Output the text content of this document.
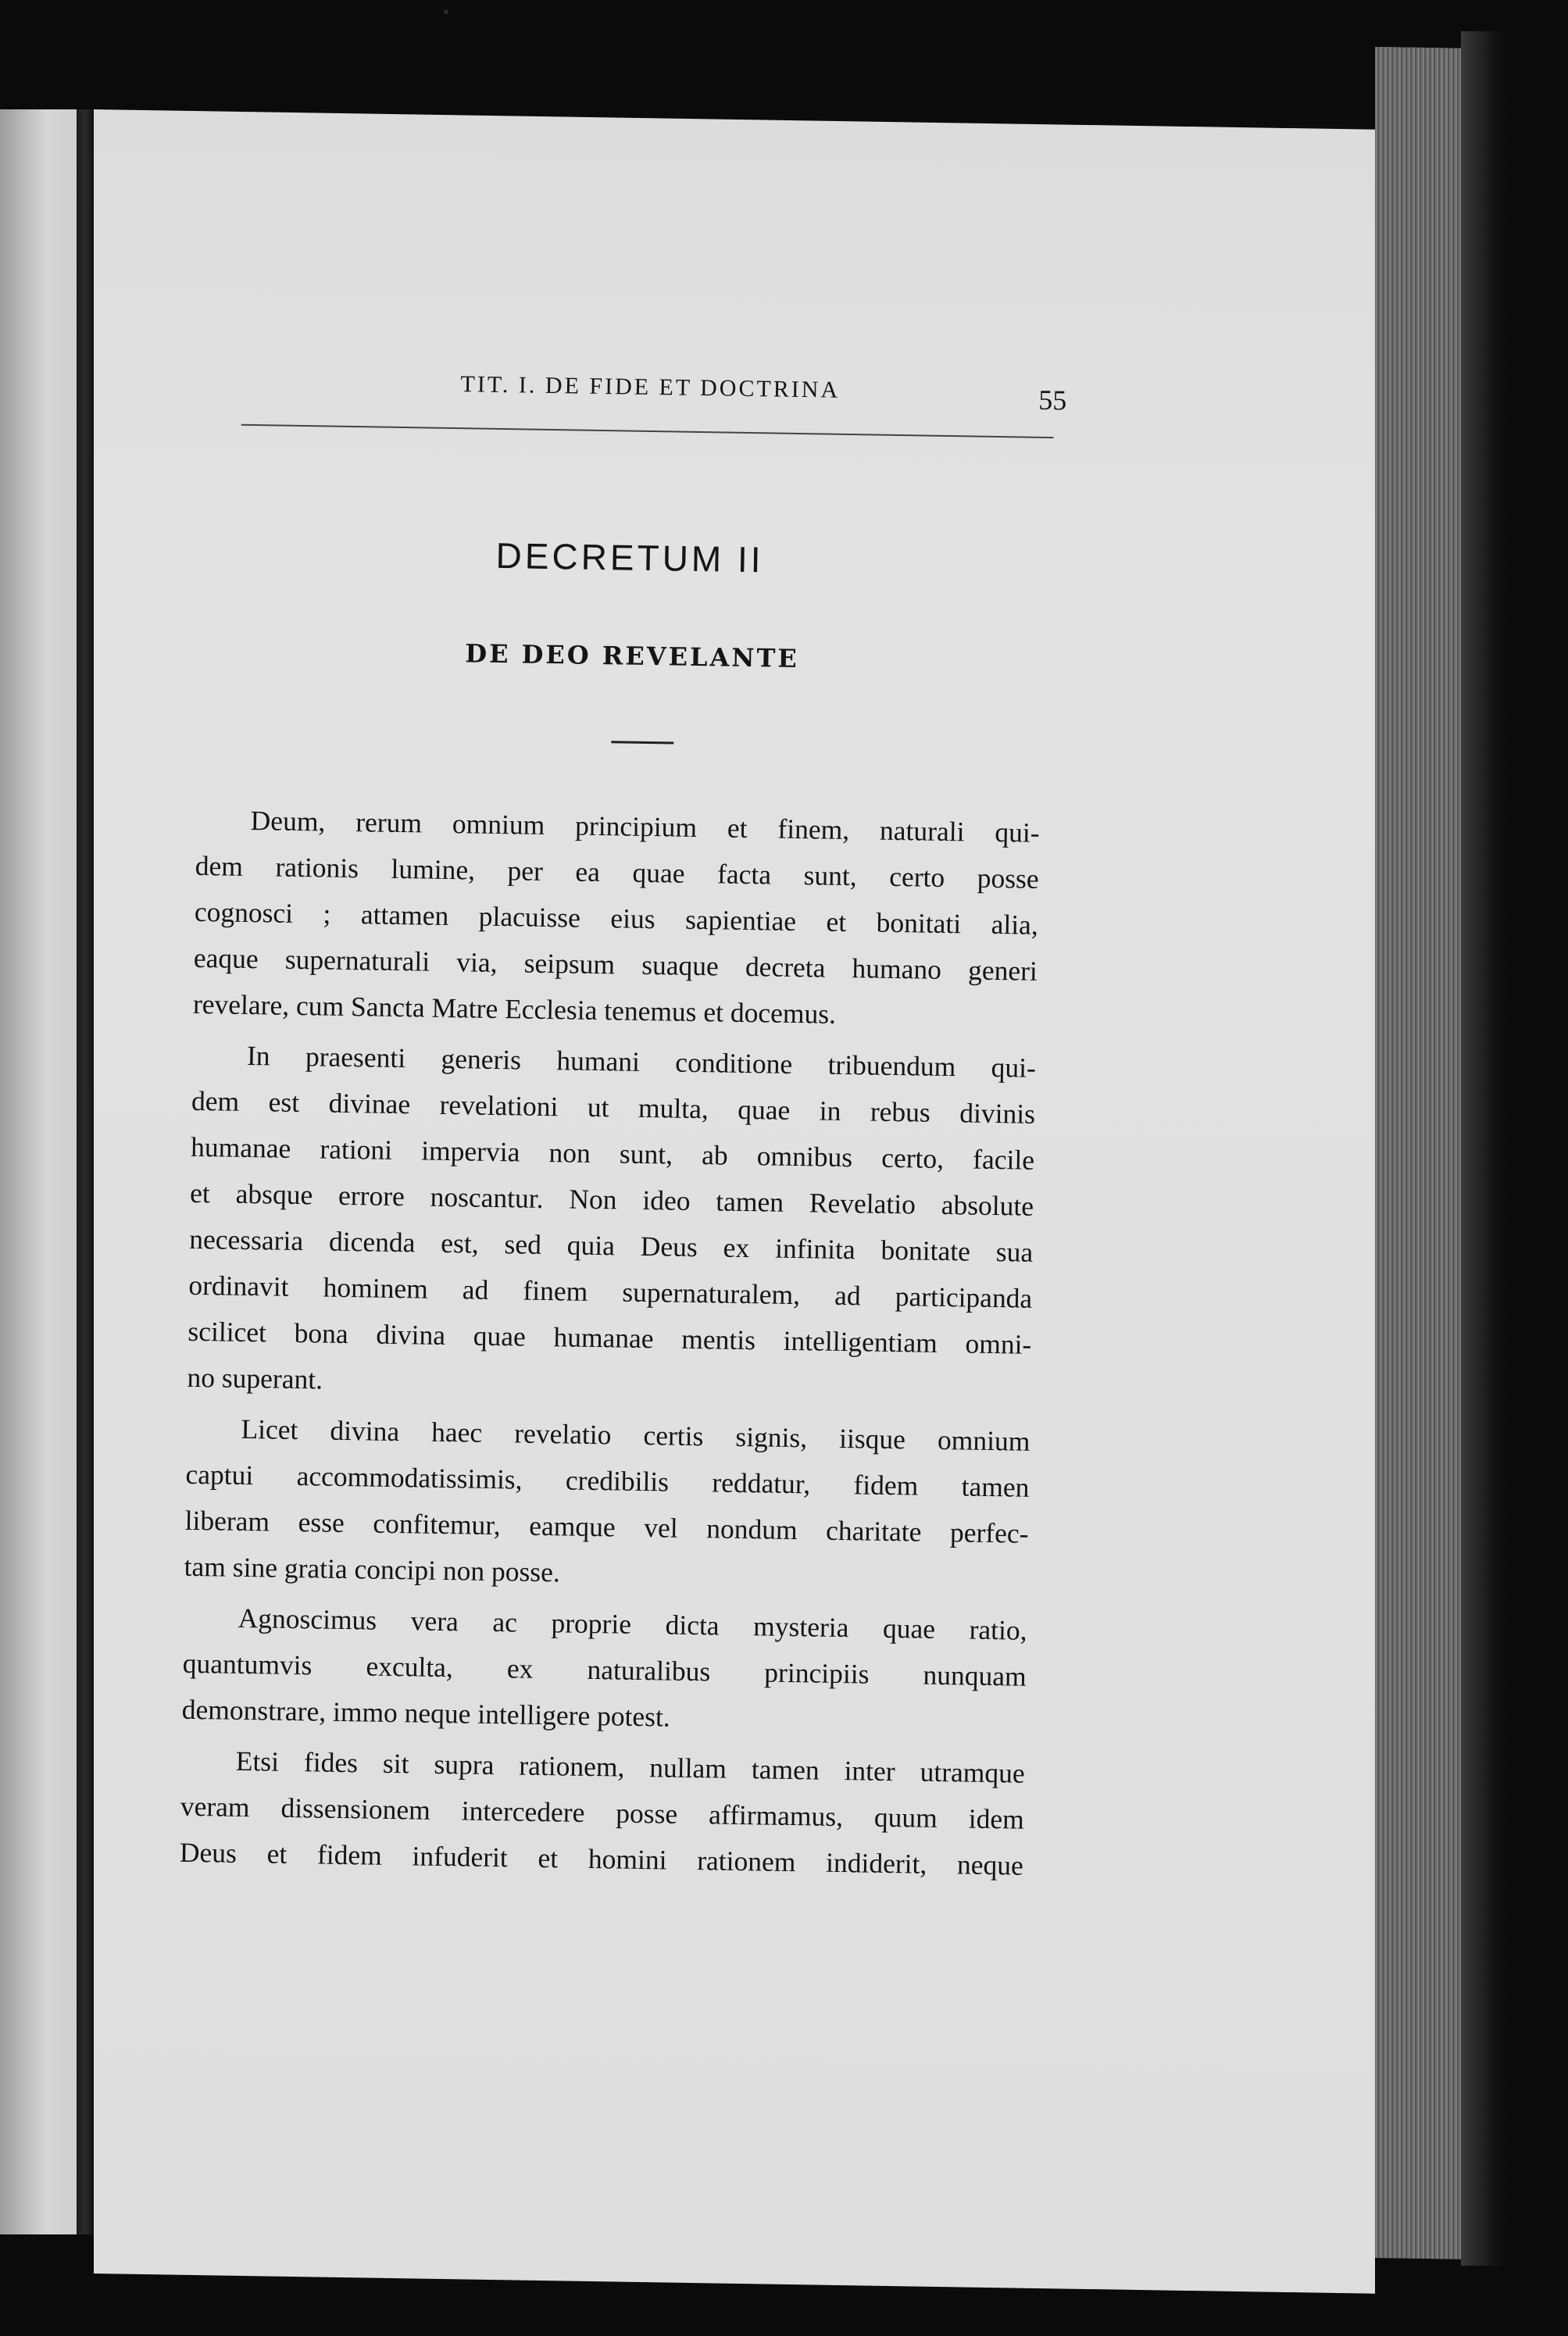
TIT. I. DE FIDE ET DOCTRINA	55
DECRETUM II
DE DEO REVELANTE
Deum, rerum omnium principium et finem, naturali qui-
dem rationis lumine, per ea quae facta sunt, certo posse
cognosci ; attamen placuisse eius sapientiae et bonitati alia,
eaque supernaturali via, seipsum suaque decreta humano generi
revelare, cum Sancta Matre Ecclesia tenemus et docemus.
In praesenti generis humani conditione tribuendum qui-
dem est divinae revelationi ut multa, quae in rebus divinis
humanae rationi impervia non sunt, ab omnibus certo, facile
et absque errore noscantur. Non ideo tamen Revelatio absolute
necessaria dicenda est, sed quia Deus ex infinita bonitate sua
ordinavit hominem ad finem supernaturalem, ad participanda
scilicet bona divina quae humanae mentis intelligentiam omni-
no superant.
Licet divina haec revelatio certis signis, iisque omnium
captui accommodatissimis, credibilis reddatur, fidem tamen
liberam esse confitemur, eamque vel nondum charitate perfec-
tam sine gratia concipi non posse.
Agnoscimus vera ac proprie dicta mysteria quae ratio,
quantumvis exculta, ex naturalibus principiis nunquam
demonstrare, immo neque intelligere potest.
Etsi fides sit supra rationem, nullam tamen inter utramque
veram dissensionem intercedere posse affirmamus, quum idem
Deus et fidem infuderit et homini rationem indiderit, neque
